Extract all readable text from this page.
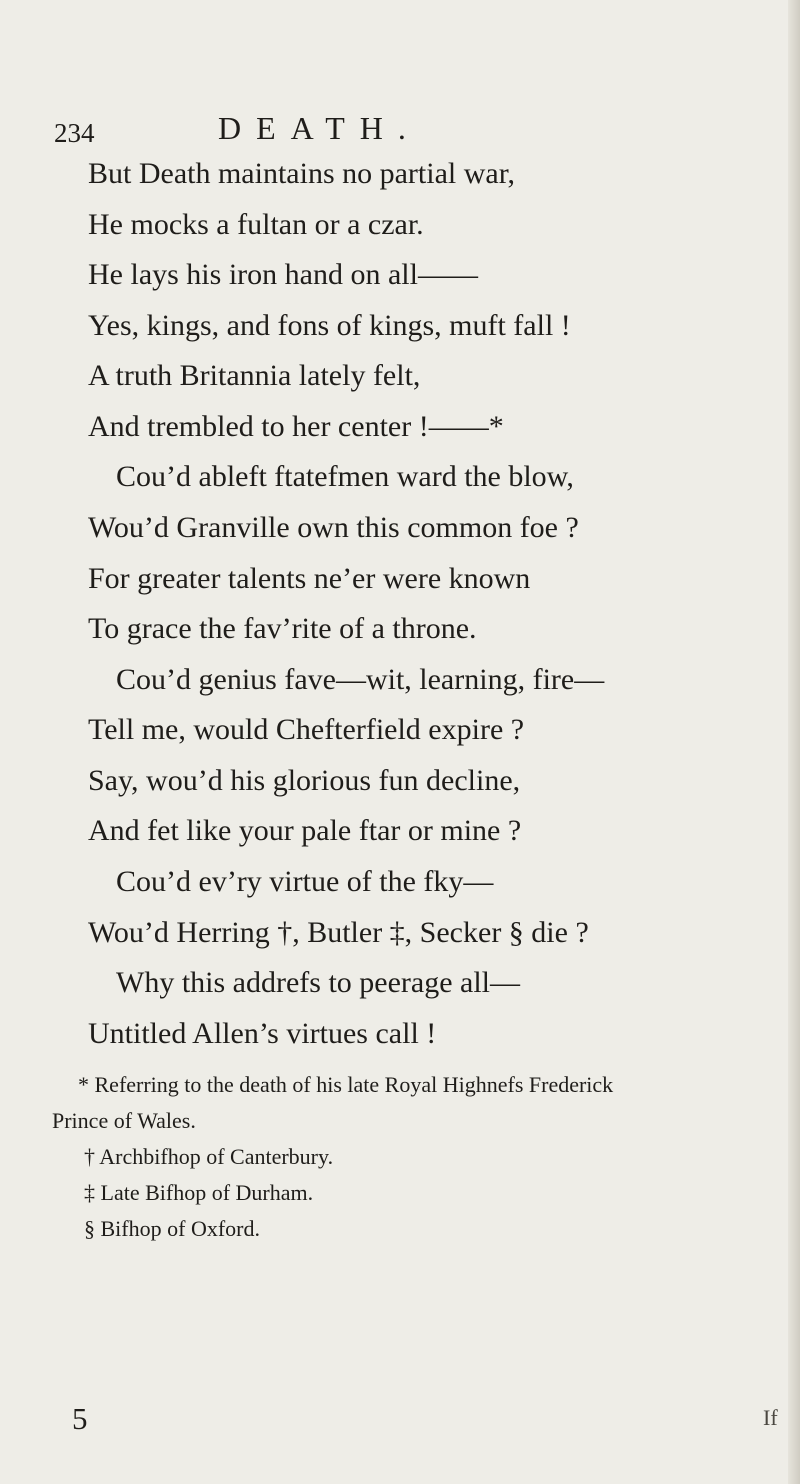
234	DEATH.
But Death maintains no partial war,
He mocks a fultan or a czar.
He lays his iron hand on all——
Yes, kings, and fons of kings, muft fall !
A truth Britannia lately felt,
And trembled to her center !——*
Cou’d ableft ftatefmen ward the blow,
Wou’d Granville own this common foe ?
For greater talents ne’er were known
To grace the fav’rite of a throne.
Cou’d genius fave—wit, learning, fire—
Tell me, would Chefterfield expire ?
Say, wou’d his glorious fun decline,
And fet like your pale ftar or mine ?
Cou’d ev’ry virtue of the fky—
Wou’d Herring †, Butler ‡, Secker § die ?
Why this addrefs to peerage all—
Untitled Allen’s virtues call !
* Referring to the death of his late Royal Highnefs Frederick
Prince of Wales.
† Archbifhop of Canterbury.
‡ Late Bifhop of Durham.
§ Bifhop of Oxford.
5	If
